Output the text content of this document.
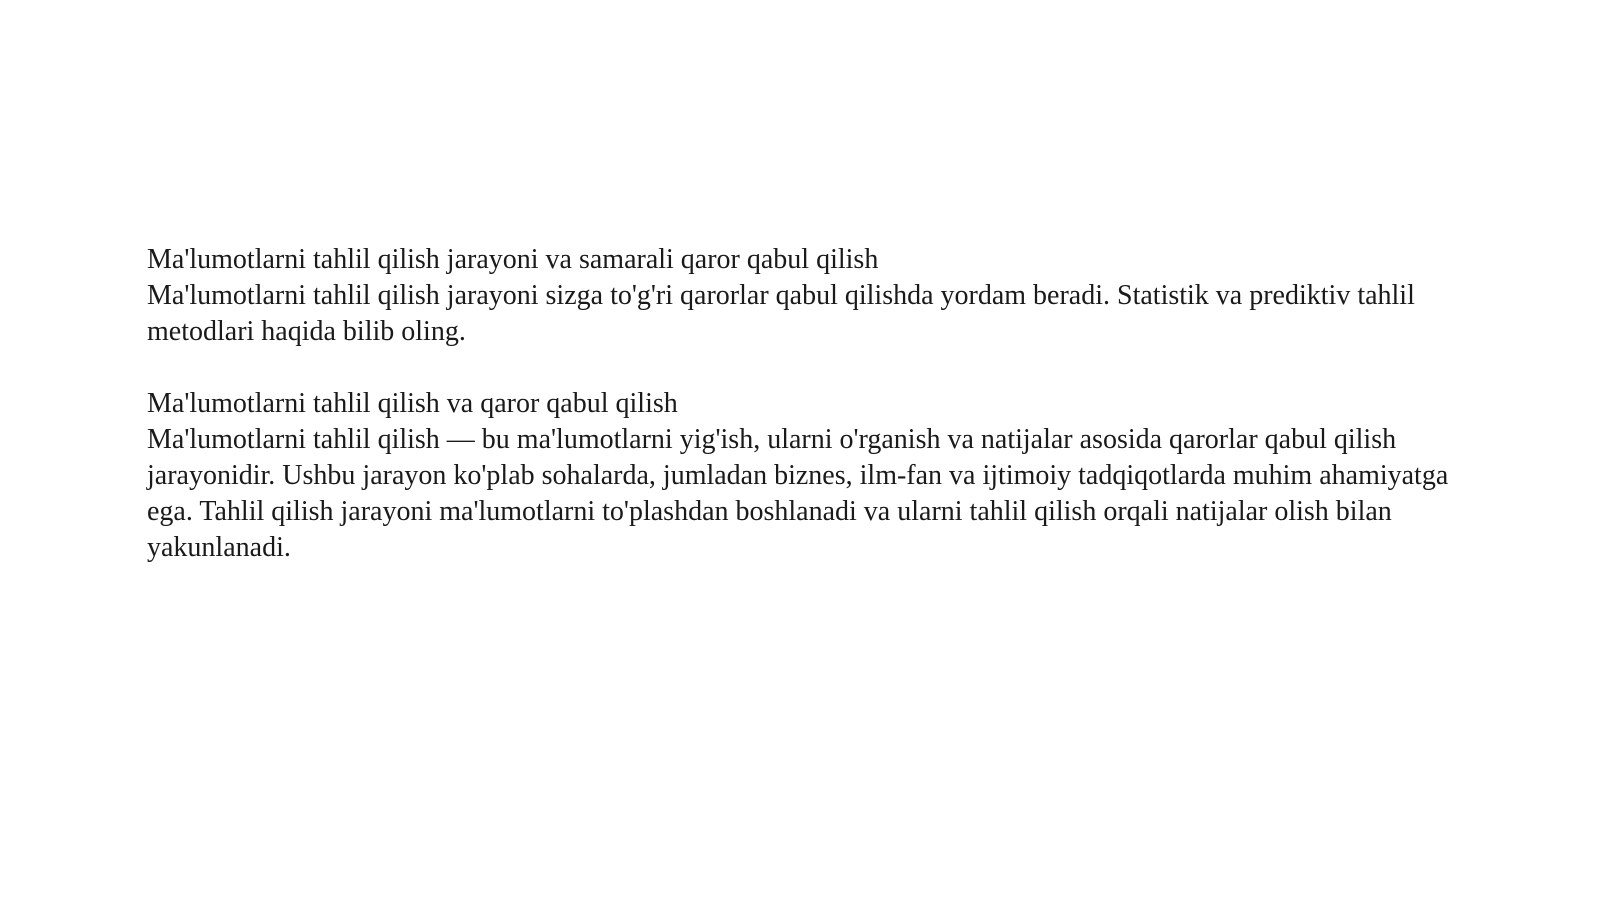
Ma'lumotlarni tahlil qilish jarayoni va samarali qaror qabul qilish

Ma'lumotlarni tahlil qilish jarayoni sizga to'g'ri qarorlar qabul qilishda yordam beradi. Statistik va prediktiv tahlil metodlari haqida bilib oling.

Ma'lumotlarni tahlil qilish va qaror qabul qilish

Ma'lumotlarni tahlil qilish — bu ma'lumotlarni yig'ish, ularni o'rganish va natijalar asosida qarorlar qabul qilish jarayonidir. Ushbu jarayon ko'plab sohalarda, jumladan biznes, ilm-fan va ijtimoiy tadqiqotlarda muhim ahamiyatga ega. Tahlil qilish jarayoni ma'lumotlarni to'plashdan boshlanadi va ularni tahlil qilish orqali natijalar olish bilan yakunlanadi.
